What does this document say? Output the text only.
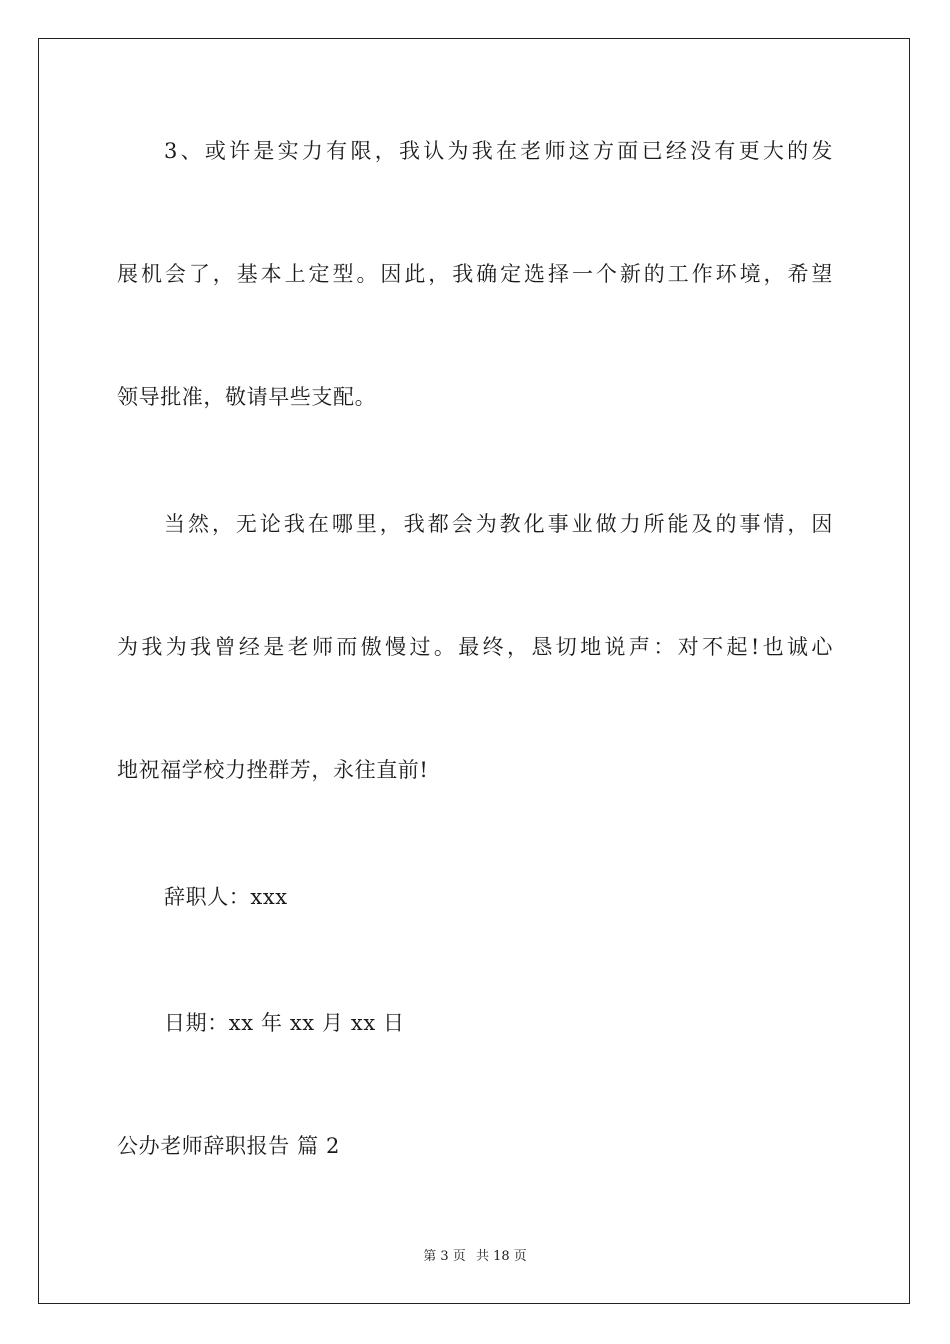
3、或许是实力有限，我认为我在老师这方面已经没有更大的发
展机会了，基本上定型。因此，我确定选择一个新的工作环境，希望
领导批准，敬请早些支配。
当然，无论我在哪里，我都会为教化事业做力所能及的事情，因
为我为我曾经是老师而傲慢过。最终，恳切地说声：对不起!也诚心
地祝福学校力挫群芳，永往直前!
辞职人：xxx
日期：xx 年 xx 月 xx 日
公办老师辞职报告 篇 2
第 3 页 共 18 页
